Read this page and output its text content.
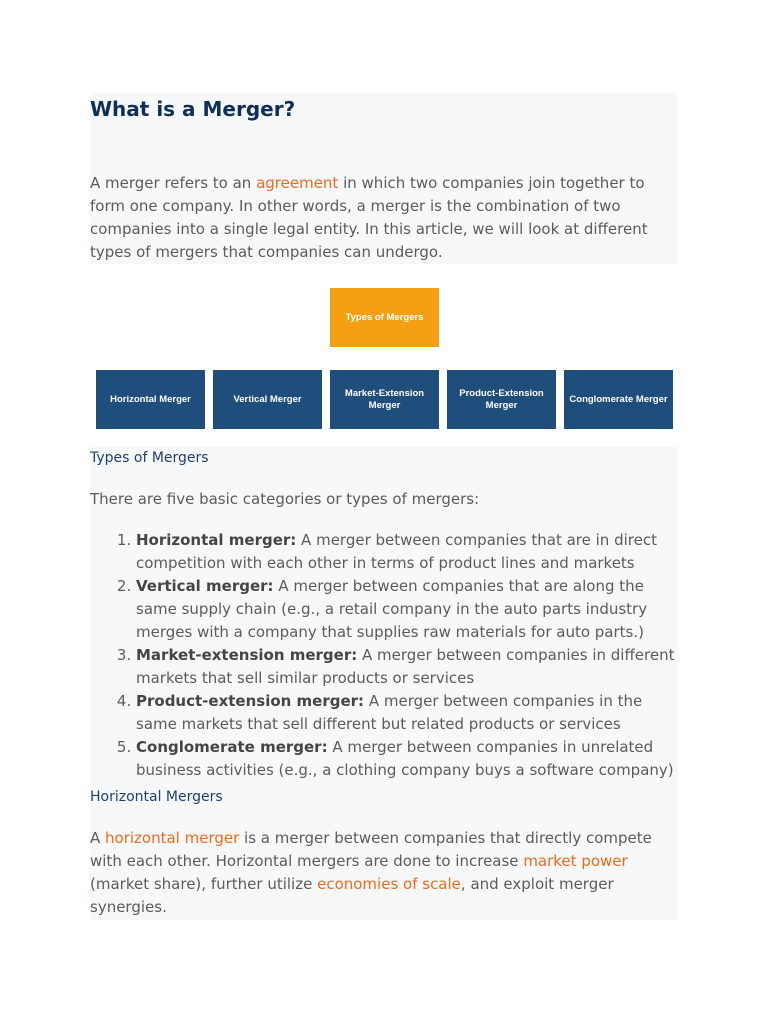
What is a Merger?

A merger refers to an agreement in which two companies join together to form one company. In other words, a merger is the combination of two companies into a single legal entity. In this article, we will look at different types of mergers that companies can undergo.

Types of Mergers
Horizontal Merger	Vertical Merger
Market-Extension Merger
Product-Extension Merger
Conglomerate Merger
Types of Mergers

There are five basic categories or types of mergers:

1. Horizontal merger: A merger between companies that are in direct competition with each other in terms of product lines and markets
2. Vertical merger: A merger between companies that are along the same supply chain (e.g., a retail company in the auto parts industry merges with a company that supplies raw materials for auto parts.)
3. Market-extension merger: A merger between companies in different markets that sell similar products or services
4. Product-extension merger: A merger between companies in the same markets that sell different but related products or services
5. Conglomerate merger: A merger between companies in unrelated business activities (e.g., a clothing company buys a software company)
Horizontal Mergers

A horizontal merger is a merger between companies that directly compete with each other. Horizontal mergers are done to increase market power (market share), further utilize economies of scale, and exploit merger synergies.
